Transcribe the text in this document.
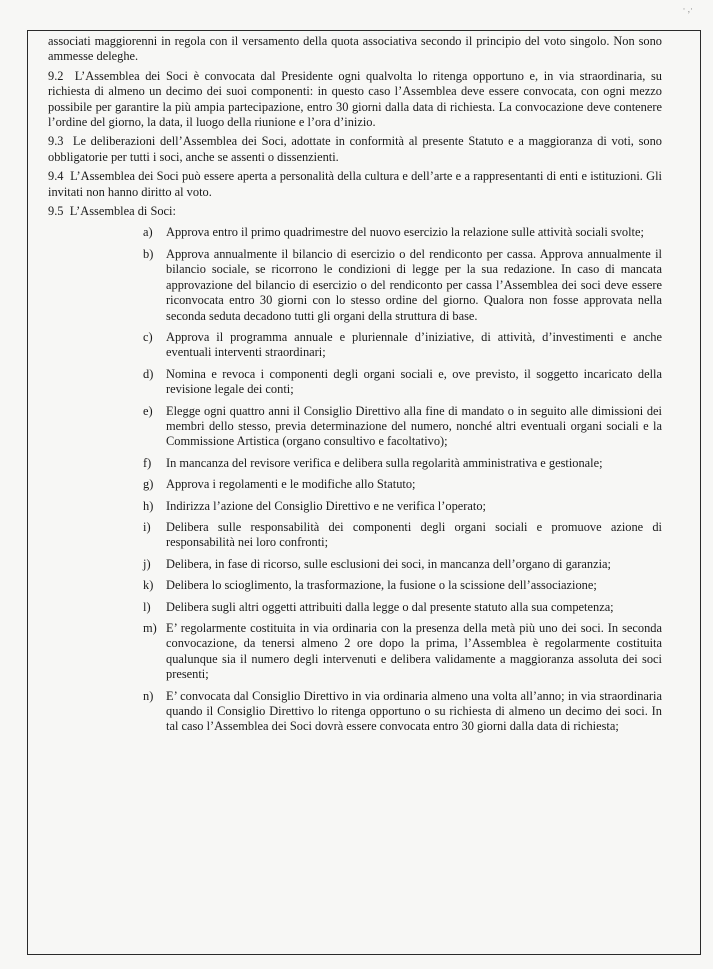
· ,·

associati maggiorenni in regola con il versamento della quota associativa secondo il principio del voto singolo. Non sono ammesse deleghe.

9.2 L’Assemblea dei Soci è convocata dal Presidente ogni qualvolta lo ritenga opportuno e, in via straordinaria, su richiesta di almeno un decimo dei suoi componenti: in questo caso l’Assemblea deve essere convocata, con ogni mezzo possibile per garantire la più ampia partecipazione, entro 30 giorni dalla data di richiesta. La convocazione deve contenere l’ordine del giorno, la data, il luogo della riunione e l’ora d’inizio.
9.3 Le deliberazioni dell’Assemblea dei Soci, adottate in conformità al presente Statuto e a maggioranza di voti, sono obbligatorie per tutti i soci, anche se assenti o dissenzienti.
9.4 L’Assemblea dei Soci può essere aperta a personalità della cultura e dell’arte e a rappresentanti di enti e istituzioni. Gli invitati non hanno diritto al voto.
9.5 L’Assemblea di Soci:
a)	Approva entro il primo quadrimestre del nuovo esercizio la relazione sulle attività sociali svolte;
b)	Approva annualmente il bilancio di esercizio o del rendiconto per cassa. Approva annualmente il bilancio sociale, se ricorrono le condizioni di legge per la sua redazione. In caso di mancata approvazione del bilancio di esercizio o del rendiconto per cassa l’Assemblea dei soci deve essere riconvocata entro 30 giorni con lo stesso ordine del giorno. Qualora non fosse approvata nella seconda seduta decadono tutti gli organi della struttura di base.
c)	Approva il programma annuale e pluriennale d’iniziative, di attività, d’investimenti e anche eventuali interventi straordinari;
d)	Nomina e revoca i componenti degli organi sociali e, ove previsto, il soggetto incaricato della revisione legale dei conti;
e)	Elegge ogni quattro anni il Consiglio Direttivo alla fine di mandato o in seguito alle dimissioni dei membri dello stesso, previa determinazione del numero, nonché altri eventuali organi sociali e la Commissione Artistica (organo consultivo e facoltativo);
f)	In mancanza del revisore verifica e delibera sulla regolarità amministrativa e gestionale;
g)	Approva i regolamenti e le modifiche allo Statuto;
h)	Indirizza l’azione del Consiglio Direttivo e ne verifica l’operato;
i)	Delibera sulle responsabilità dei componenti degli organi sociali e promuove azione di responsabilità nei loro confronti;
j)	Delibera, in fase di ricorso, sulle esclusioni dei soci, in mancanza dell’organo di garanzia;
k)	Delibera lo scioglimento, la trasformazione, la fusione o la scissione dell’associazione;
l)	Delibera sugli altri oggetti attribuiti dalla legge o dal presente statuto alla sua competenza;
m) E’ regolarmente costituita in via ordinaria con la presenza della metà più uno dei soci. In seconda convocazione, da tenersi almeno 2 ore dopo la prima, l’Assemblea è regolarmente costituita qualunque sia il numero degli intervenuti e delibera validamente a maggioranza assoluta dei soci presenti;
n)	E’ convocata dal Consiglio Direttivo in via ordinaria almeno una volta all’anno; in via straordinaria quando il Consiglio Direttivo lo ritenga opportuno o su richiesta di almeno un decimo dei soci. In tal caso l’Assemblea dei Soci dovrà essere convocata entro 30 giorni dalla data di richiesta;
